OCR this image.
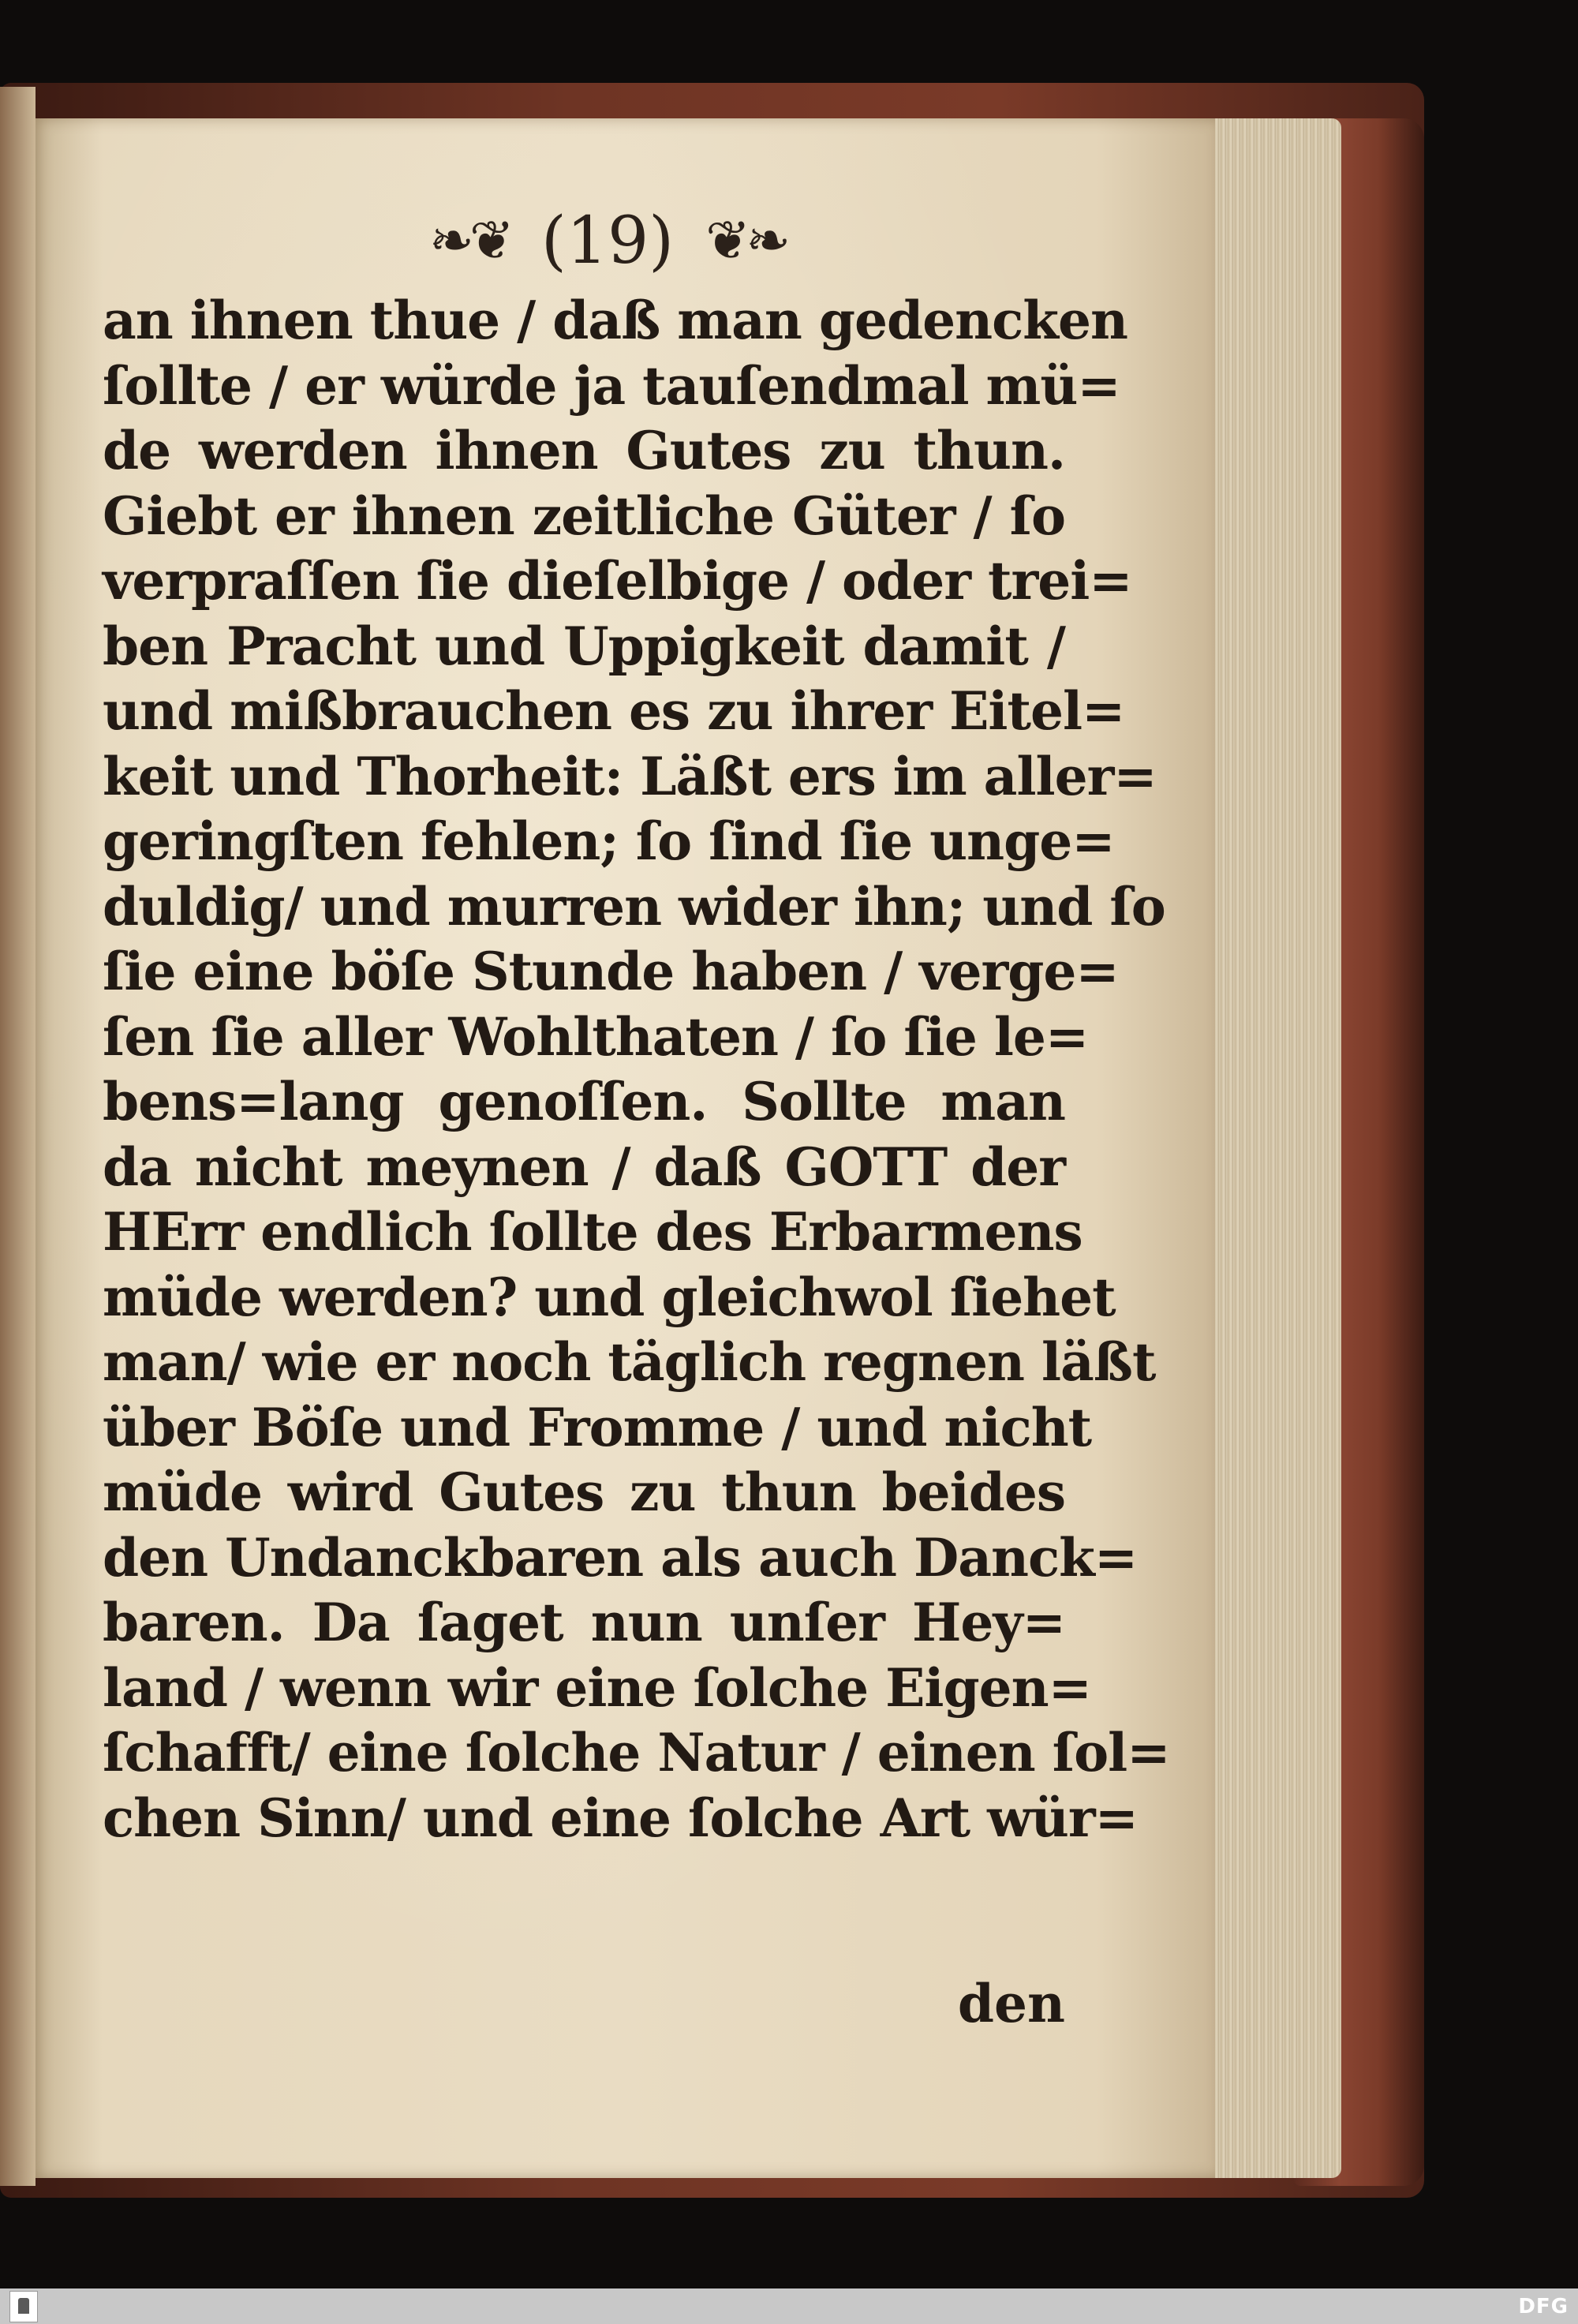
❧❦ (19) ❦❧
an ihnen thue / daß man gedencken
ſollte / er würde ja tauſendmal mü=
de werden ihnen Gutes zu thun.
Giebt er ihnen zeitliche Güter / ſo
verpraſſen ſie dieſelbige / oder trei=
ben Pracht und Uppigkeit damit /
und mißbrauchen es zu ihrer Eitel=
keit und Thorheit: Läßt ers im aller=
geringſten fehlen; ſo ſind ſie unge=
duldig/ und murren wider ihn; und ſo
ſie eine böſe Stunde haben / verge=
ſen ſie aller Wohlthaten / ſo ſie le=
bens=lang genoſſen. Sollte man
da nicht meynen / daß GOTT der
HErr endlich ſollte des Erbarmens
müde werden? und gleichwol ſiehet
man/ wie er noch täglich regnen läßt
über Böſe und Fromme / und nicht
müde wird Gutes zu thun beides
den Undanckbaren als auch Danck=
baren. Da ſaget nun unſer Hey=
land / wenn wir eine ſolche Eigen=
ſchafft/ eine ſolche Natur / einen ſol=
chen Sinn/ und eine ſolche Art wür=
den
DFG
